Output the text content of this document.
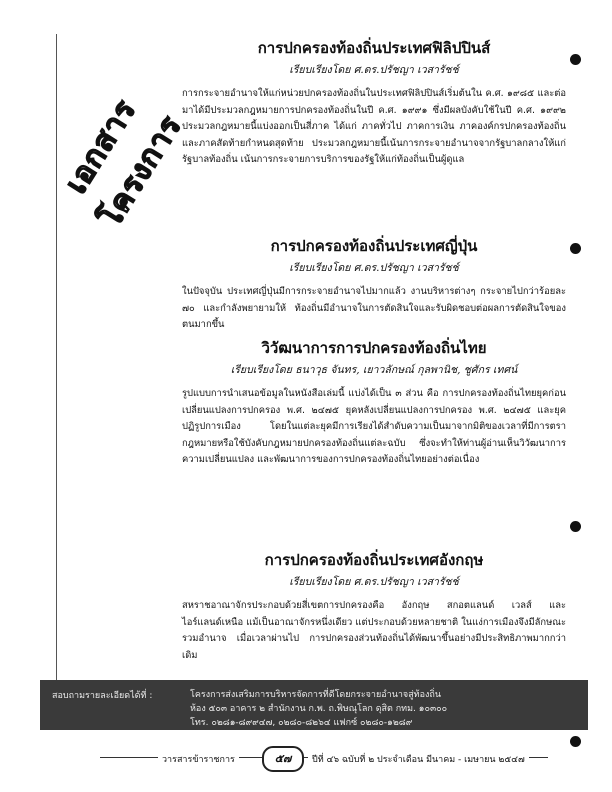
เอกสารโครงการ
การปกครองท้องถิ่นประเทศฟิลิปปินส์

เรียบเรียงโดย ศ.ดร.ปรัชญา เวสารัชช์

การกระจายอำนาจให้แก่หน่วยปกครองท้องถิ่นในประเทศฟิลิปปินส์เริ่มต้นใน ค.ศ. ๑๙๘๕ และต่อมาได้มีประมวลกฎหมายการปกครองท้องถิ่นในปี ค.ศ. ๑๙๙๑ ซึ่งมีผลบังคับใช้ในปี ค.ศ. ๑๙๙๒ ประมวลกฎหมายนี้แบ่งออกเป็นสี่ภาค ได้แก่ ภาคทั่วไป ภาคการเงิน ภาคองค์กรปกครองท้องถิ่น และภาคสัดท้ายกำหนดสุดท้าย ประมวลกฎหมายนี้เน้นการกระจายอำนาจจากรัฐบาลกลางให้แก่รัฐบาลท้องถิ่น เน้นการกระจายการบริการของรัฐให้แก่ท้องถิ่นเป็นผู้ดูแล

การปกครองท้องถิ่นประเทศญี่ปุ่น

เรียบเรียงโดย ศ.ดร.ปรัชญา เวสารัชช์

ในปัจจุบัน ประเทศญี่ปุ่นมีการกระจายอำนาจไปมากแล้ว งานบริหารต่างๆ กระจายไปกว่าร้อยละ ๗๐ และกำลังพยายามให้ ท้องถิ่นมีอำนาจในการตัดสินใจและรับผิดชอบต่อผลการตัดสินใจของตนมากขึ้น

วิวัฒนาการการปกครองท้องถิ่นไทย

เรียบเรียงโดย ธนาวุธ จันทร, เยาวลักษณ์ กุลพานิช, ชูศักร เทศน์

รูปแบบการนำเสนอข้อมูลในหนังสือเล่มนี้ แบ่งได้เป็น ๓ ส่วน คือ การปกครองท้องถิ่นไทยยุคก่อนเปลี่ยนแปลงการปกครอง พ.ศ. ๒๔๗๕ ยุคหลังเปลี่ยนแปลงการปกครอง พ.ศ. ๒๔๗๕ และยุคปฏิรูปการเมือง โดยในแต่ละยุคมีการเรียงได้สำดับความเป็นมาจากมิติของเวลาที่มีการตรากฎหมายหรือใช้บังคับกฎหมายปกครองท้องถิ่นแต่ละฉบับ ซึ่งจะทำให้ท่านผู้อ่านเห็นวิวัฒนาการ ความเปลี่ยนแปลง และพัฒนาการของการปกครองท้องถิ่นไทยอย่างต่อเนื่อง

การปกครองท้องถิ่นประเทศอังกฤษ

เรียบเรียงโดย ศ.ดร.ปรัชญา เวสารัชช์

สหราชอาณาจักรประกอบด้วยสี่เขตการปกครองคือ อังกฤษ สกอตแลนด์ เวลส์ และไอร์แลนด์เหนือ แม้เป็นอาณาจักรหนึ่งเดียว แต่ประกอบด้วยหลายชาติ ในแง่การเมืองจึงมีลักษณะรวมอำนาจ เมื่อเวลาผ่านไป การปกครองส่วนท้องถิ่นได้พัฒนาขึ้นอย่างมีประสิทธิภาพมากกว่าเดิม

สอบถามรายละเอียดได้ที่ :	โครงการส่งเสริมการบริหารจัดการที่ดีโดยกระจายอำนาจสู่ท้องถิ่น
ห้อง ๕๐๓ อาคาร ๒ สำนักงาน ก.พ. ถ.พิษณุโลก ดุสิต กทม. ๑๐๓๐๐
โทร. ๐๒๘๑-๘๙๙๔๗, ๐๒๘๐-๘๒๖๔ แฟกซ์ ๐๒๘๐-๑๒๘๙
วารสารข้าราชการ	๕๗	ปีที่ ๔๖ ฉบับที่ ๒ ประจำเดือน มีนาคม - เมษายน ๒๕๔๗
